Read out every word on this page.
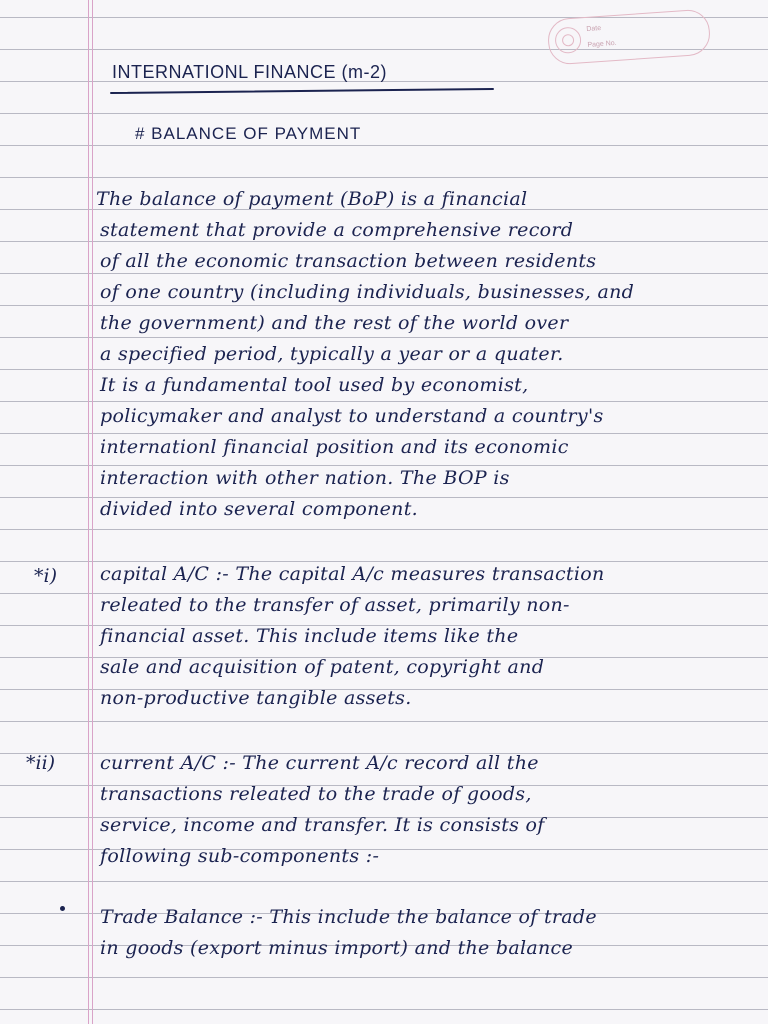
Date
Page No.
INTERNATIONL FINANCE (m-2)
# BALANCE OF PAYMENT
The balance of payment (BoP) is a financial
statement that provide a comprehensive record
of all the economic transaction between residents
of one country (including individuals, businesses, and
the government) and the rest of the world over
a specified period, typically a year or a quater.
It is a fundamental tool used by economist,
policymaker and analyst to understand a country's
internationl financial position and its economic
interaction with other nation. The BOP is
divided into several component.
*i) capital A/C :- The capital A/c measures transaction
releated to the transfer of asset, primarily non-
financial asset. This include items like the
sale and acquisition of patent, copyright and
non-productive tangible assets.
*ii) current A/C :- The current A/c record all the
transactions releated to the trade of goods,
service, income and transfer. It is consists of
following sub-components :-
Trade Balance :- This include the balance of trade
in goods (export minus import) and the balance
